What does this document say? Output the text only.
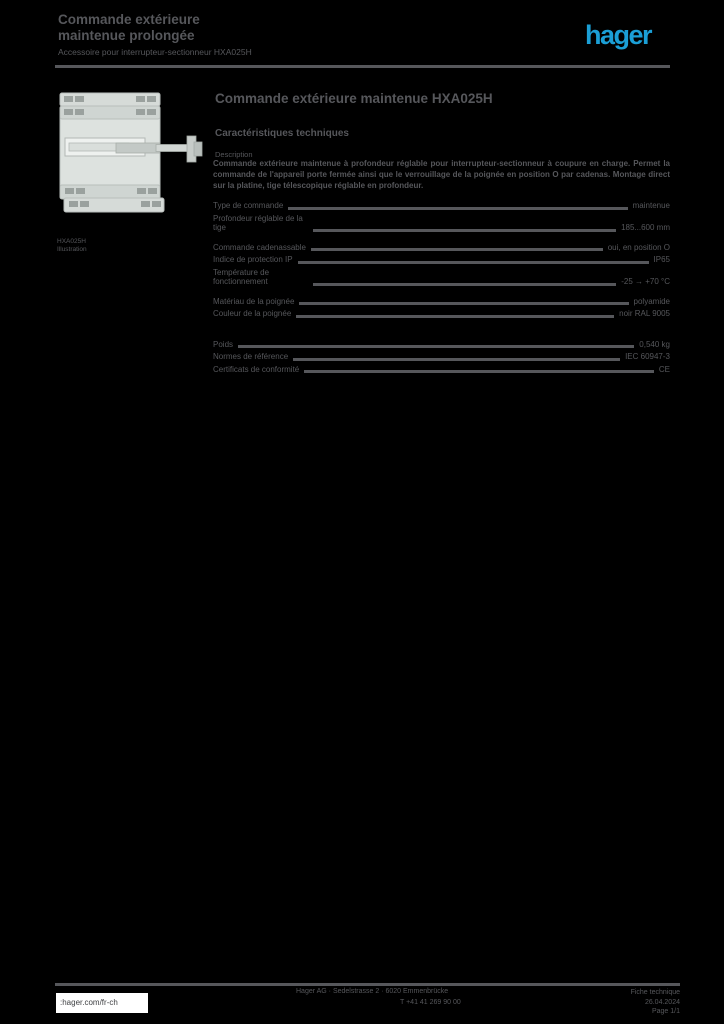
Commande extérieure
maintenue prolongée
Accessoire pour interrupteur-sectionneur HXA025H
hager
HXA025H
Illustration
Commande extérieure maintenue HXA025H
Caractéristiques techniques
Description
Commande extérieure maintenue à profondeur réglable pour interrupteur-sectionneur à coupure en charge. Permet la commande de l'appareil porte fermée ainsi que le verrouillage de la poignée en position O par cadenas. Montage direct sur la platine, tige télescopique réglable en profondeur.
Type de commande	maintenue
Profondeur réglable de la tige	185...600 mm
Commande cadenassable	oui, en position O
Indice de protection IP	IP65
Température de fonctionnement	-25 → +70 °C
Matériau de la poignée	polyamide
Couleur de la poignée	noir RAL 9005
Poids	0,540 kg
Normes de référence	IEC 60947-3
Certificats de conformité	CE
:hager.com/fr-ch
Hager AG · Sedelstrasse 2 · 6020 Emmenbrücke
T +41 41 269 90 00
Fiche technique
26.04.2024
Page 1/1
